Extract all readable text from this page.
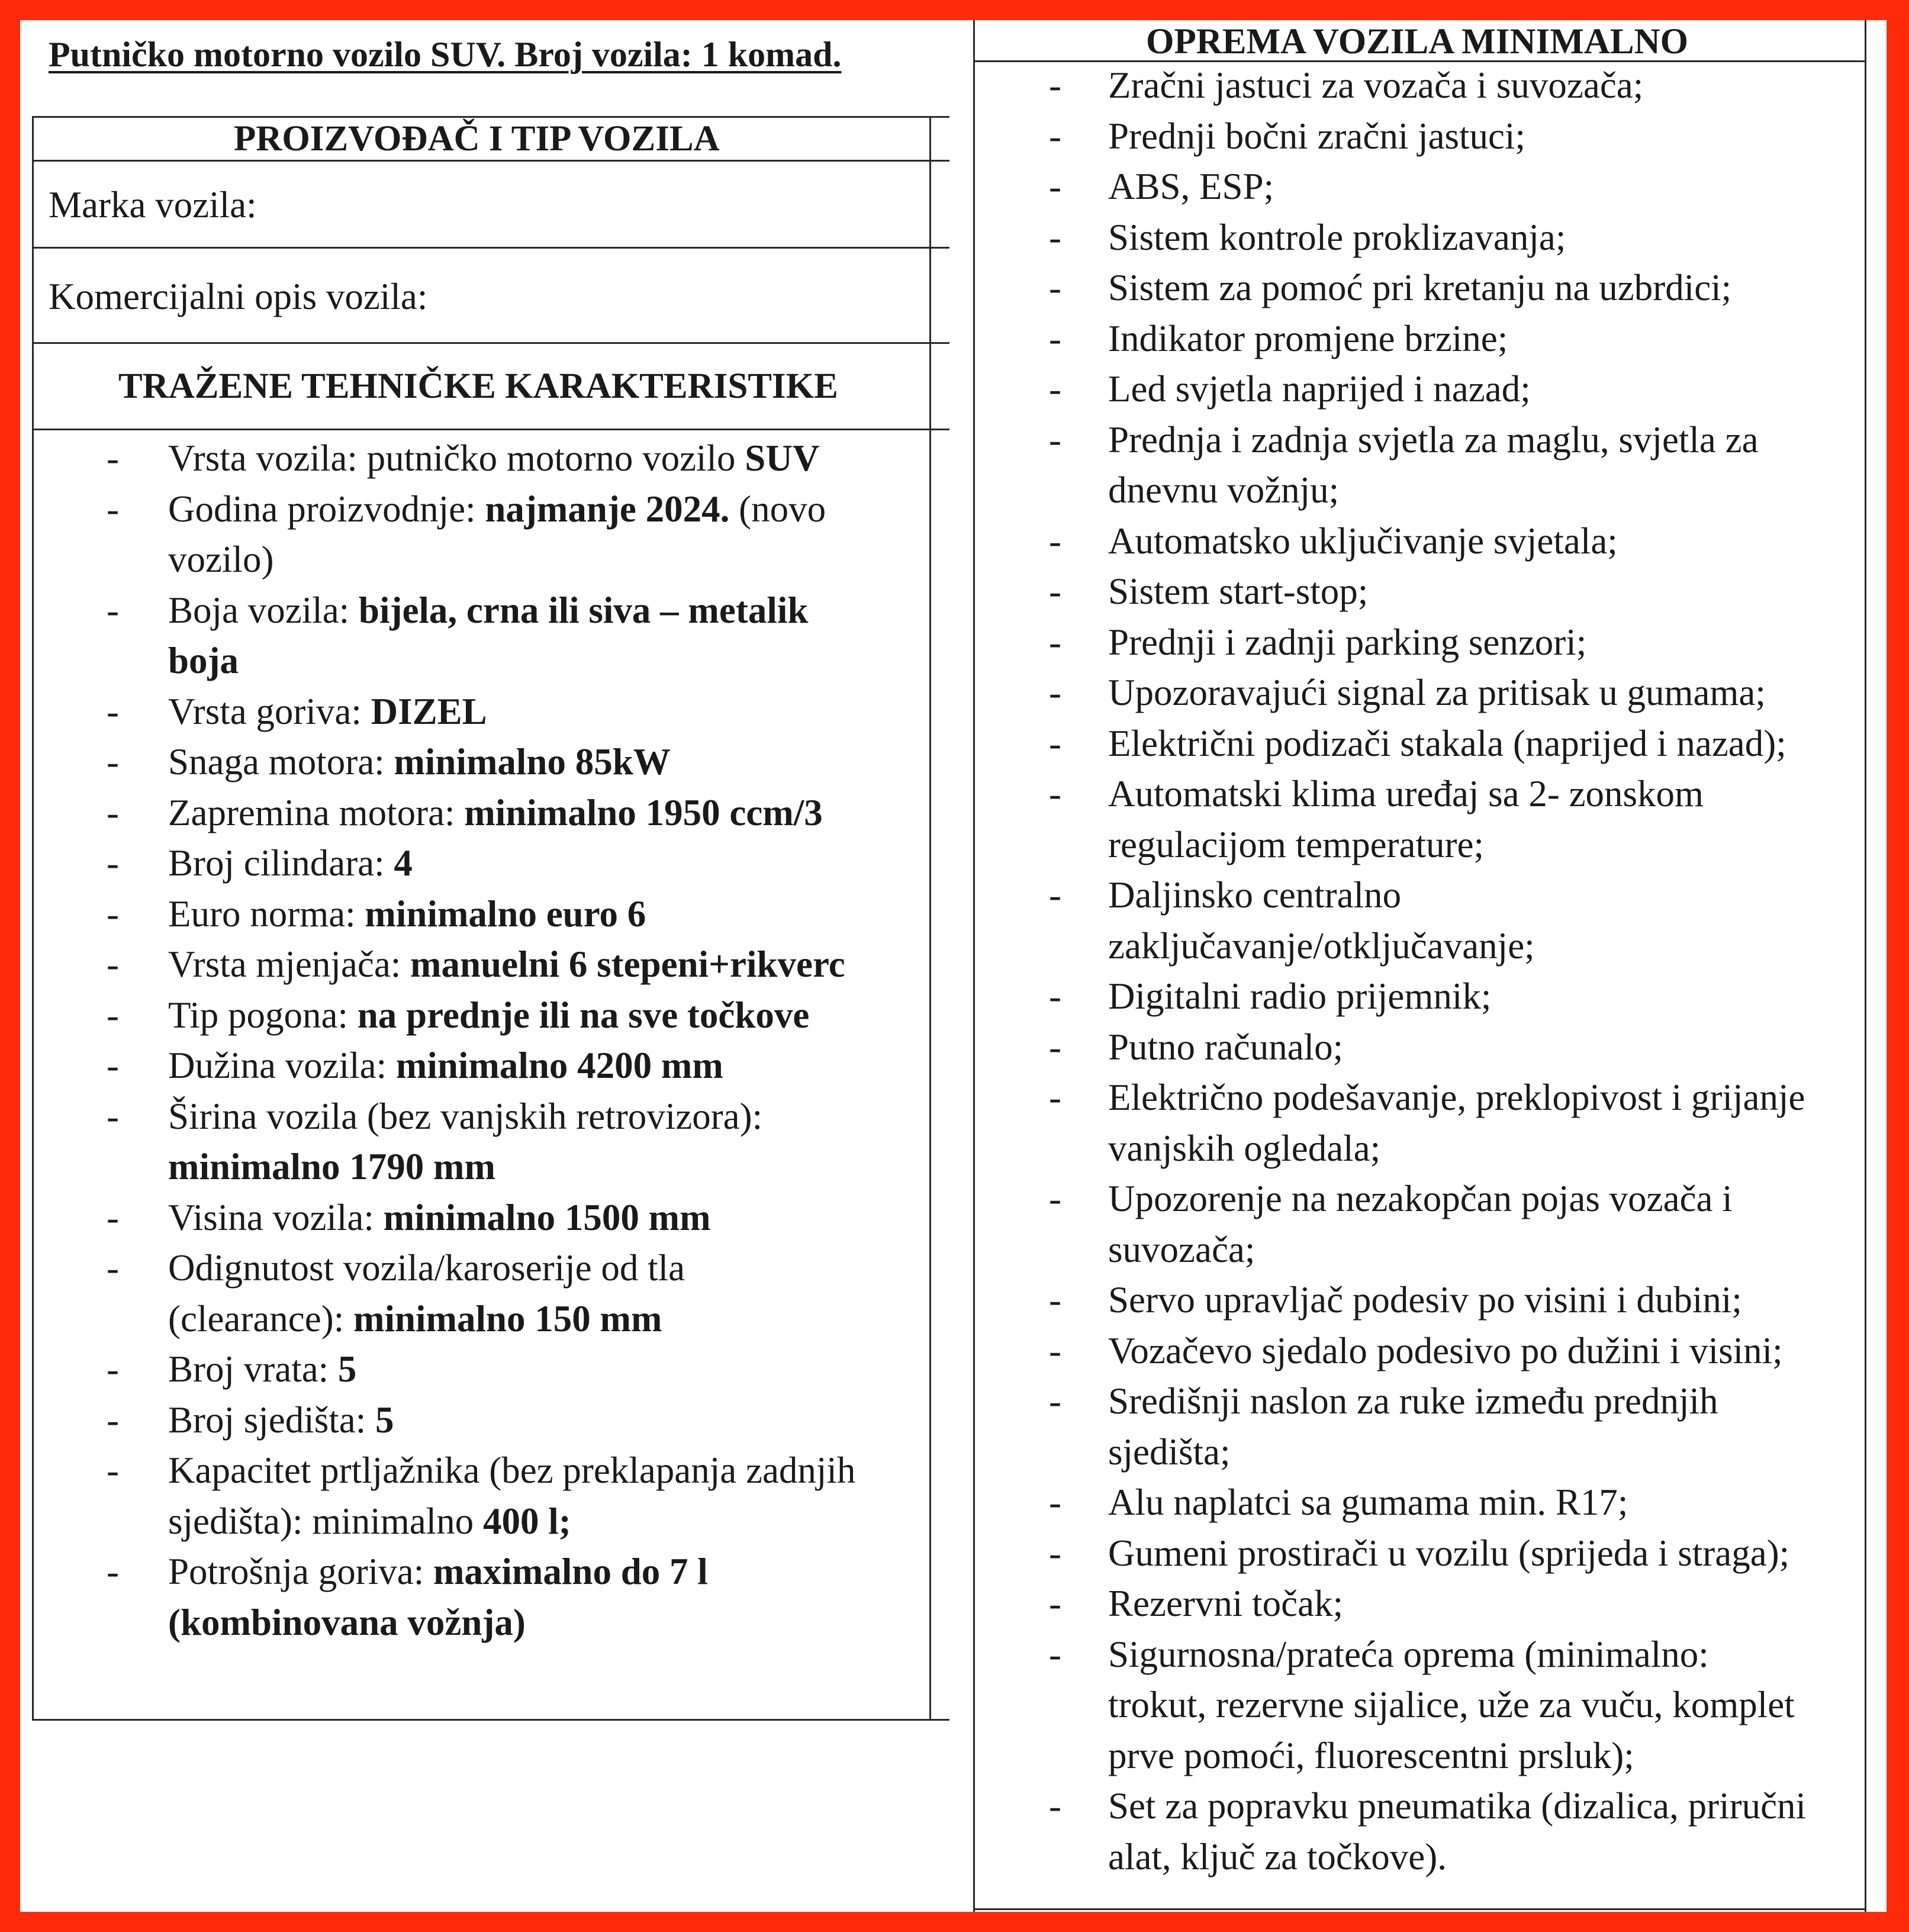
Putničko motorno vozilo SUV. Broj vozila: 1 komad.
PROIZVOĐAČ I TIP VOZILA
Marka vozila:
Komercijalni opis vozila:
TRAŽENE TEHNIČKE KARAKTERISTIKE
-	Vrsta vozila: putničko motorno vozilo SUV
-	Godina proizvodnje: najmanje 2024. (novo
vozilo)
-	Boja vozila: bijela, crna ili siva – metalik
boja
-	Vrsta goriva: DIZEL
-	Snaga motora: minimalno 85kW
-	Zapremina motora: minimalno 1950 ccm/3
-	Broj cilindara: 4
-	Euro norma: minimalno euro 6
-	Vrsta mjenjača: manuelni 6 stepeni+rikverc
-	Tip pogona: na prednje ili na sve točkove
-	Dužina vozila: minimalno 4200 mm
-	Širina vozila (bez vanjskih retrovizora):
minimalno 1790 mm
-	Visina vozila: minimalno 1500 mm
-	Odignutost vozila/karoserije od tla
(clearance): minimalno 150 mm
-	Broj vrata: 5
-	Broj sjedišta: 5
-	Kapacitet prtljažnika (bez preklapanja zadnjih
sjedišta): minimalno 400 l;
-	Potrošnja goriva: maximalno do 7 l
(kombinovana vožnja)
OPREMA VOZILA MINIMALNO
-	Zračni jastuci za vozača i suvozača;
-	Prednji bočni zračni jastuci;
-	ABS, ESP;
-	Sistem kontrole proklizavanja;
-	Sistem za pomoć pri kretanju na uzbrdici;
-	Indikator promjene brzine;
-	Led svjetla naprijed i nazad;
-	Prednja i zadnja svjetla za maglu, svjetla za
dnevnu vožnju;
-	Automatsko uključivanje svjetala;
-	Sistem start-stop;
-	Prednji i zadnji parking senzori;
-	Upozoravajući signal za pritisak u gumama;
-	Električni podizači stakala (naprijed i nazad);
-	Automatski klima uređaj sa 2- zonskom
regulacijom temperature;
-	Daljinsko centralno
zaključavanje/otključavanje;
-	Digitalni radio prijemnik;
-	Putno računalo;
-	Električno podešavanje, preklopivost i grijanje
vanjskih ogledala;
-	Upozorenje na nezakopčan pojas vozača i
suvozača;
-	Servo upravljač podesiv po visini i dubini;
-	Vozačevo sjedalo podesivo po dužini i visini;
-	Središnji naslon za ruke između prednjih
sjedišta;
-	Alu naplatci sa gumama min. R17;
-	Gumeni prostirači u vozilu (sprijeda i straga);
-	Rezervni točak;
-	Sigurnosna/prateća oprema (minimalno:
trokut, rezervne sijalice, uže za vuču, komplet
prve pomoći, fluorescentni prsluk);
-	Set za popravku pneumatika (dizalica, priručni
alat, ključ za točkove).
